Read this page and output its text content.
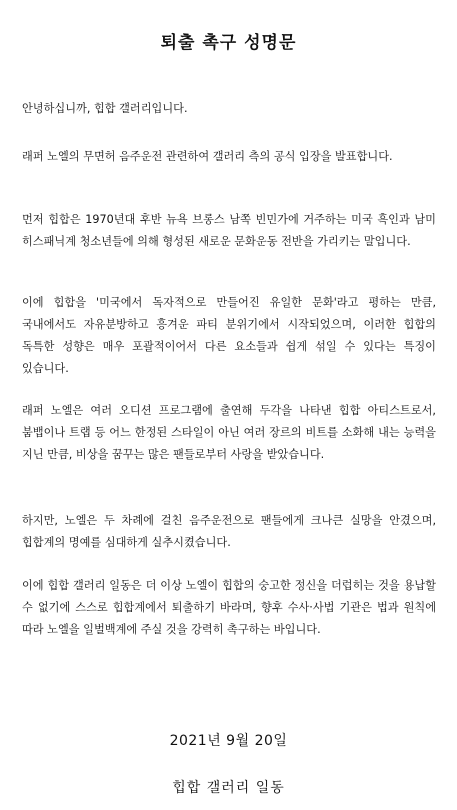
퇴출 촉구 성명문
안녕하십니까, 힙합 갤러리입니다.
래퍼 노엘의 무면허 음주운전 관련하여 갤러리 측의 공식 입장을 발표합니다.
먼저 힙합은 1970년대 후반 뉴욕 브롱스 남쪽 빈민가에 거주하는 미국 흑인과 남미 히스패닉계 청소년들에 의해 형성된 새로운 문화운동 전반을 가리키는 말입니다.
이에 힙합을 '미국에서 독자적으로 만들어진 유일한 문화'라고 평하는 만큼, 국내에서도 자유분방하고 흥겨운 파티 분위기에서 시작되었으며, 이러한 힙합의 독특한 성향은 매우 포괄적이어서 다른 요소들과 쉽게 섞일 수 있다는 특징이 있습니다.
래퍼 노엘은 여러 오디션 프로그램에 출연해 두각을 나타낸 힙합 아티스트로서, 붐뱁이나 트랩 등 어느 한정된 스타일이 아닌 여러 장르의 비트를 소화해 내는 능력을 지닌 만큼, 비상을 꿈꾸는 많은 팬들로부터 사랑을 받았습니다.
하지만, 노엘은 두 차례에 걸친 음주운전으로 팬들에게 크나큰 실망을 안겼으며, 힙합계의 명예를 심대하게 실추시켰습니다.
이에 힙합 갤러리 일동은 더 이상 노엘이 힙합의 숭고한 정신을 더럽히는 것을 용납할 수 없기에 스스로 힙합계에서 퇴출하기 바라며, 향후 수사·사법 기관은 법과 원칙에 따라 노엘을 일벌백계에 주실 것을 강력히 촉구하는 바입니다.
2021년 9월 20일
힙합 갤러리 일동
